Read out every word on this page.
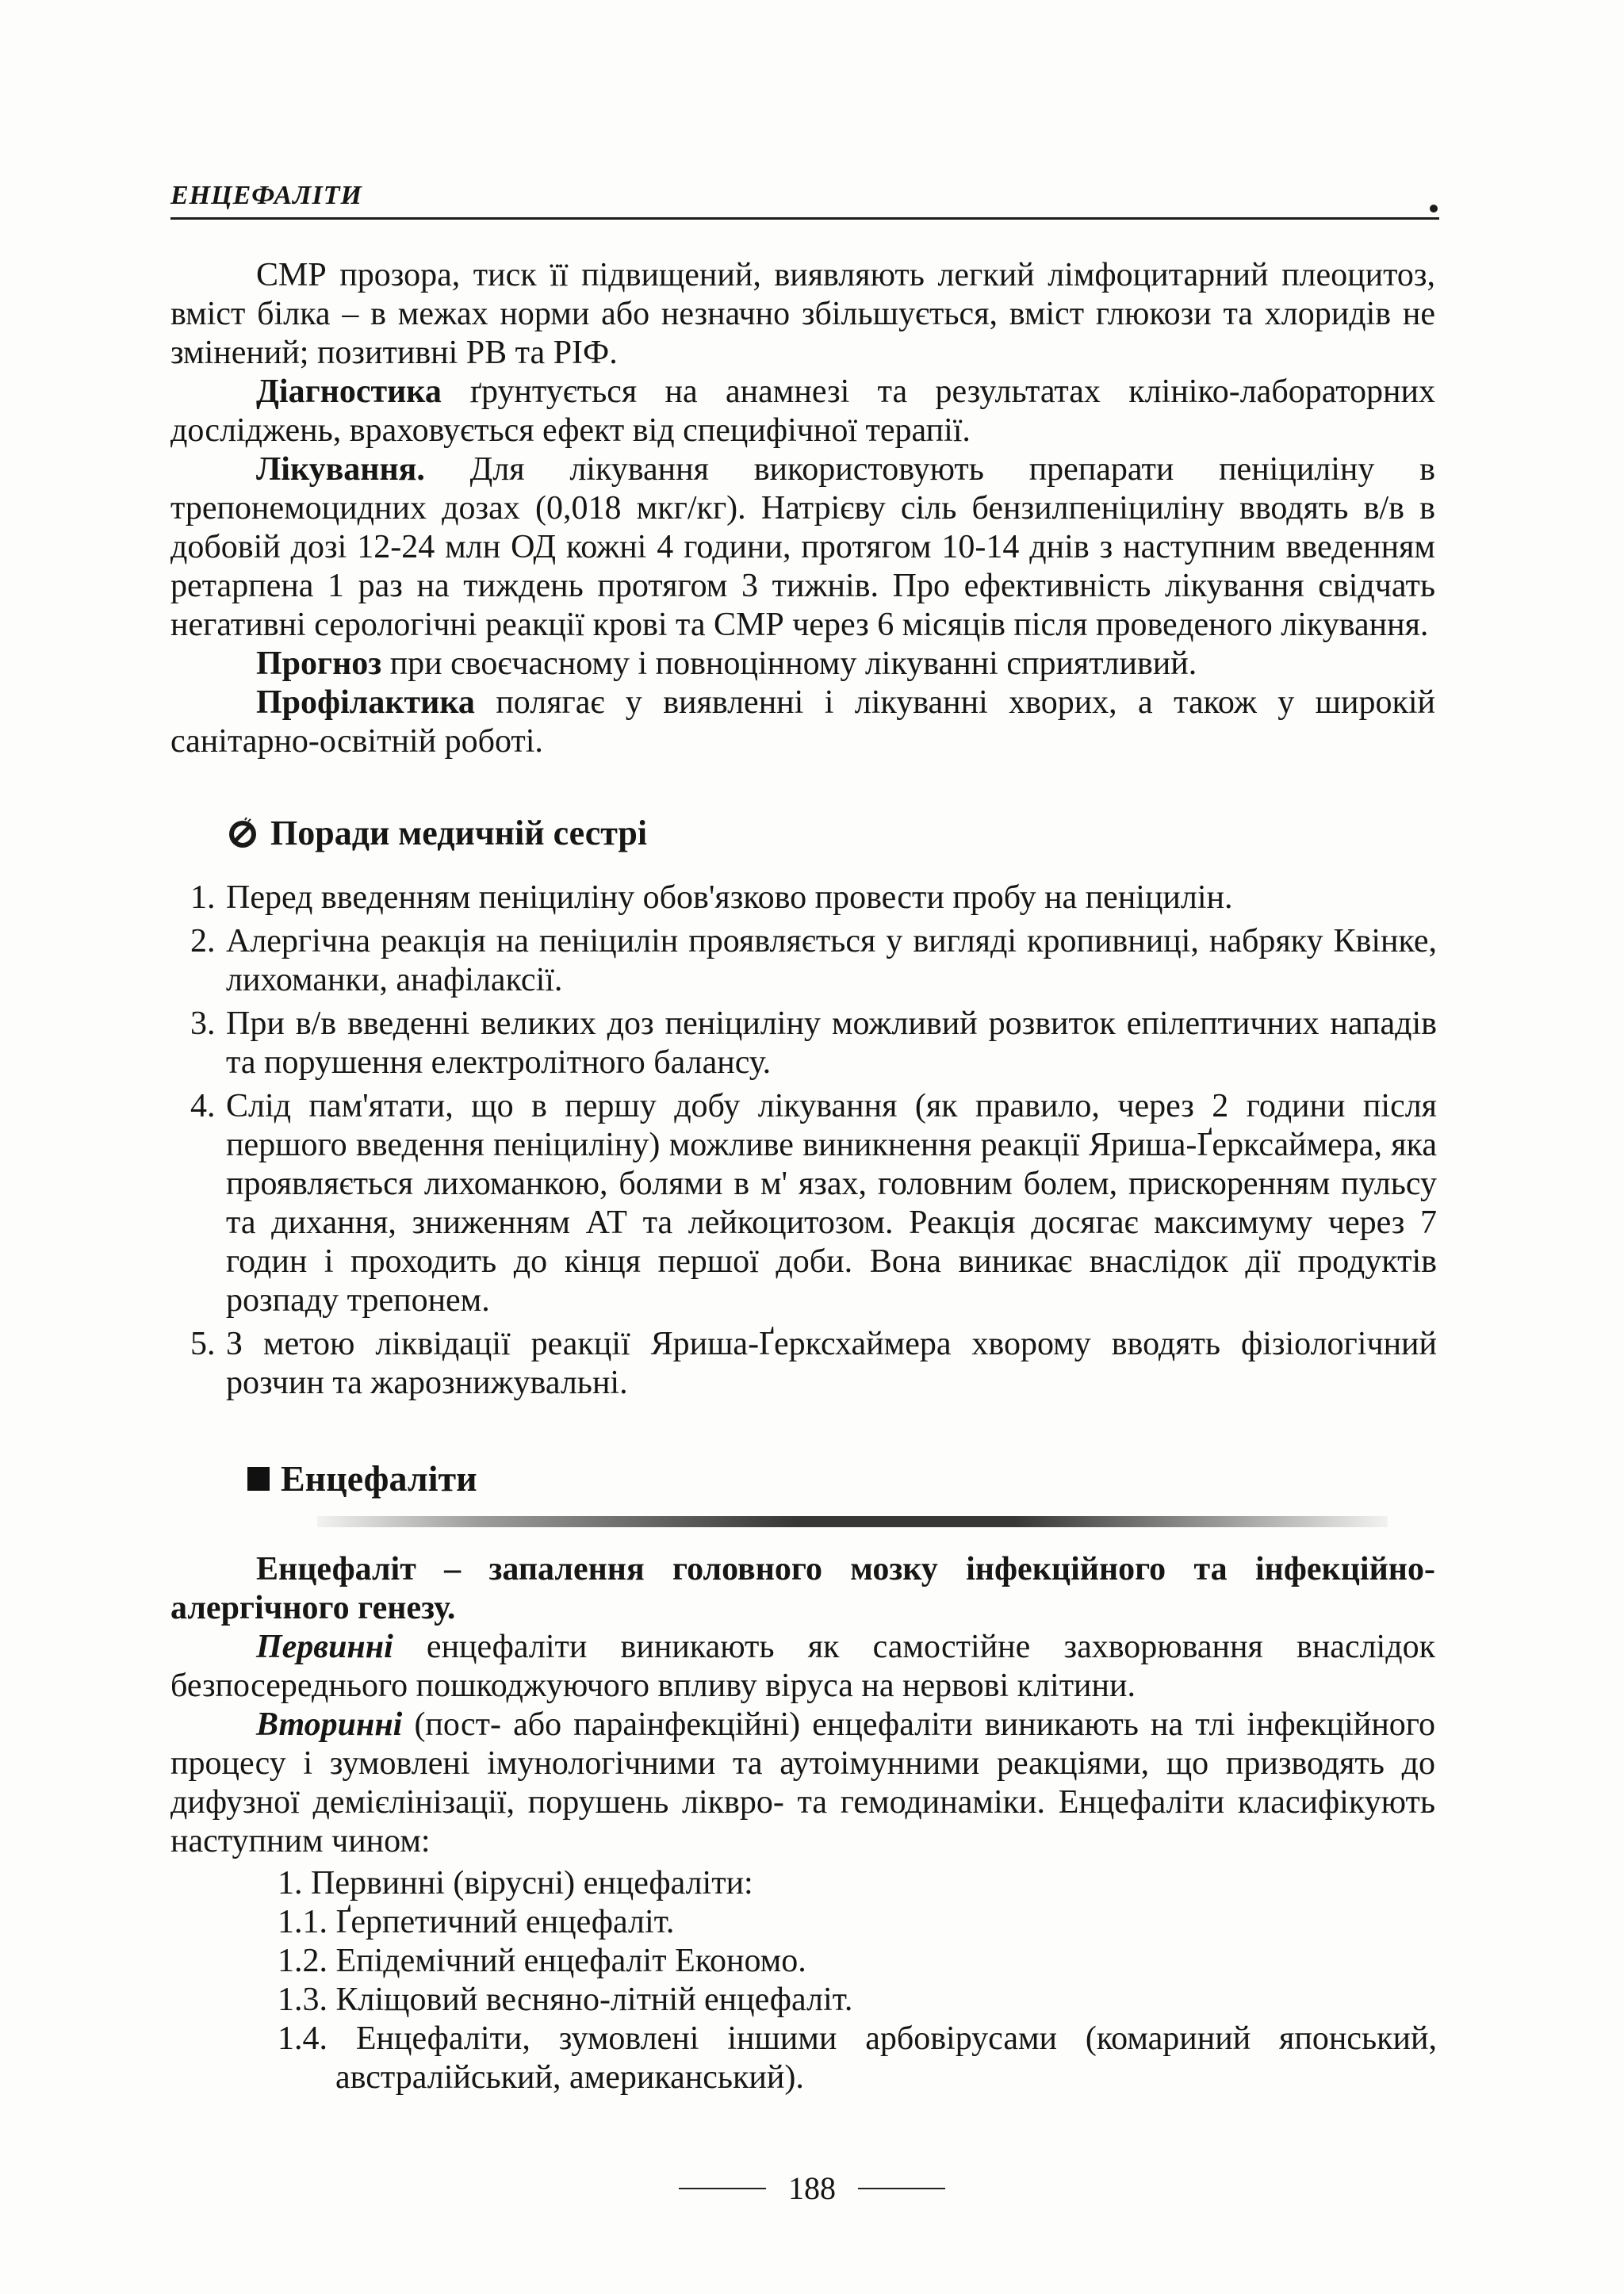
ЕНЦЕФАЛІТИ

СМР прозора, тиск її підвищений, виявляють легкий лімфоцитарний плеоцитоз, вміст білка – в межах норми або незначно збільшується, вміст глюкози та хлоридів не змінений; позитивні РВ та РІФ.

Діагностика ґрунтується на анамнезі та результатах клініко-лабораторних досліджень, враховується ефект від специфічної терапії.

Лікування. Для лікування використовують препарати пеніциліну в трепонемоцидних дозах (0,018 мкг/кг). Натрієву сіль бензилпеніциліну вводять в/в в добовій дозі 12-24 млн ОД кожні 4 години, протягом 10-14 днів з наступним введенням ретарпена 1 раз на тиждень протягом 3 тижнів. Про ефективність лікування свідчать негативні серологічні реакції крові та СМР через 6 місяців після проведеного лікування.

Прогноз при своєчасному і повноцінному лікуванні сприятливий.

Профілактика полягає у виявленні і лікуванні хворих, а також у широкій санітарно-освітній роботі.

Поради медичній сестрі
1. Перед введенням пеніциліну обов'язково провести пробу на пеніцилін.
2. Алергічна реакція на пеніцилін проявляється у вигляді кропивниці, набряку Квінке, лихоманки, анафілаксії.
3. При в/в введенні великих доз пеніциліну можливий розвиток епілептичних нападів та порушення електролітного балансу.
4. Слід пам'ятати, що в першу добу лікування (як правило, через 2 години після першого введення пеніциліну) можливе виникнення реакції Яриша-Ґеркса​ймера, яка проявляється лихоманкою, болями в м' язах, головним болем, прискоренням пульсу та дихання, зниженням АТ та лейкоцитозом. Реакція досягає максимуму через 7 годин і проходить до кінця першої доби. Вона виникає внаслідок дії продуктів розпаду трепонем.
5. З метою ліквідації реакції Яриша-Ґерксхаймера хворому вводять фізіологічний розчин та жарознижувальні.
Енцефаліти

Енцефаліт – запалення головного мозку інфекційного та інфекційно-алергічного генезу.

Первинні енцефаліти виникають як самостійне захворювання внаслідок безпосереднього пошкоджуючого впливу віруса на нервові клітини.

Вторинні (пост- або параінфекційні) енцефаліти виникають на тлі інфекційного процесу і зумовлені імунологічними та аутоімунними реакціями, що призводять до дифузної демієлінізації, порушень ліквро- та гемодинаміки. Енцефаліти класифікують наступним чином:

1. Первинні (вірусні) енцефаліти:

1.1. Ґерпетичний енцефаліт.

1.2. Епідемічний енцефаліт Економо.

1.3. Кліщовий весняно-літній енцефаліт.

1.4. Енцефаліти, зумовлені іншими арбовірусами (комариний японський, австралійський, американський).

188
